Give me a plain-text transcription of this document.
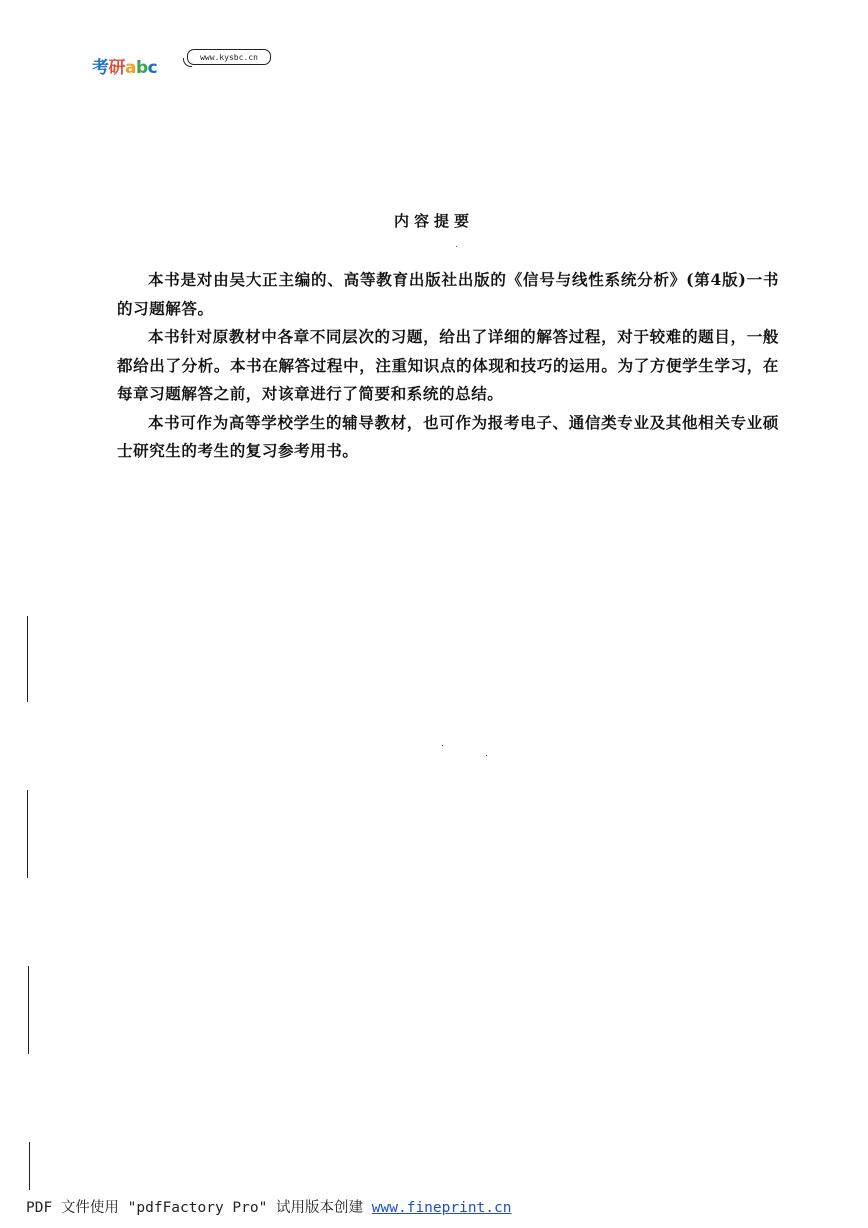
考研abc
www.kysbc.cn
内容提要

本书是对由吴大正主编的、高等教育出版社出版的《信号与线性系统分析》(第4版)一书的习题解答。

本书针对原教材中各章不同层次的习题，给出了详细的解答过程，对于较难的题目，一般都给出了分析。本书在解答过程中，注重知识点的体现和技巧的运用。为了方便学生学习，在每章习题解答之前，对该章进行了简要和系统的总结。

本书可作为高等学校学生的辅导教材，也可作为报考电子、通信类专业及其他相关专业硕士研究生的考生的复习参考用书。

PDF 文件使用 "pdfFactory Pro" 试用版本创建 www.fineprint.cn
